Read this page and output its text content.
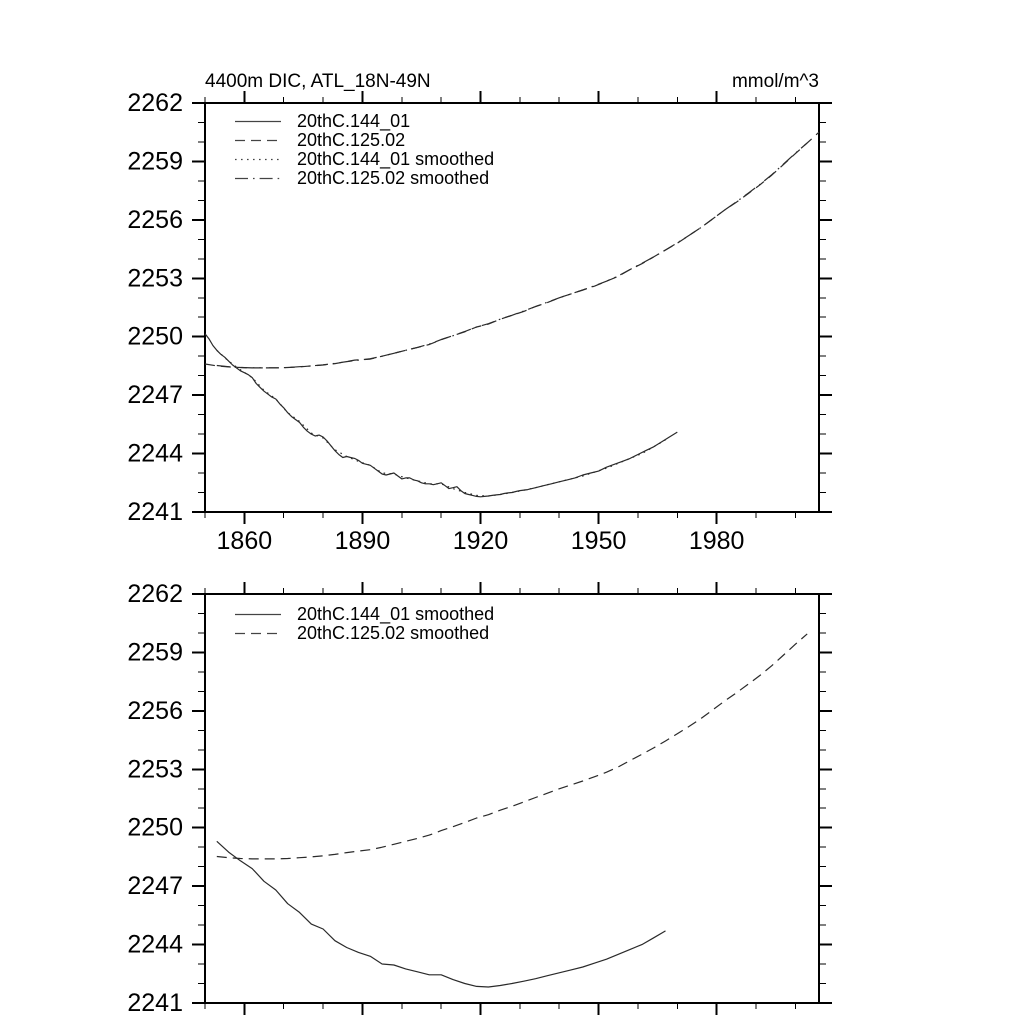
1860 1890 1920 1950 1980
2241
2244
2247
2250
2253
2256
2259
2262
2241
2244
2247
2250
2253
2256
2259
2262
4400m DIC, ATL_18N-49N	mmol/m^3
20thC.144_01
20thC.125.02
20thC.144_01 smoothed
20thC.125.02 smoothed
20thC.144_01 smoothed
20thC.125.02 smoothed
